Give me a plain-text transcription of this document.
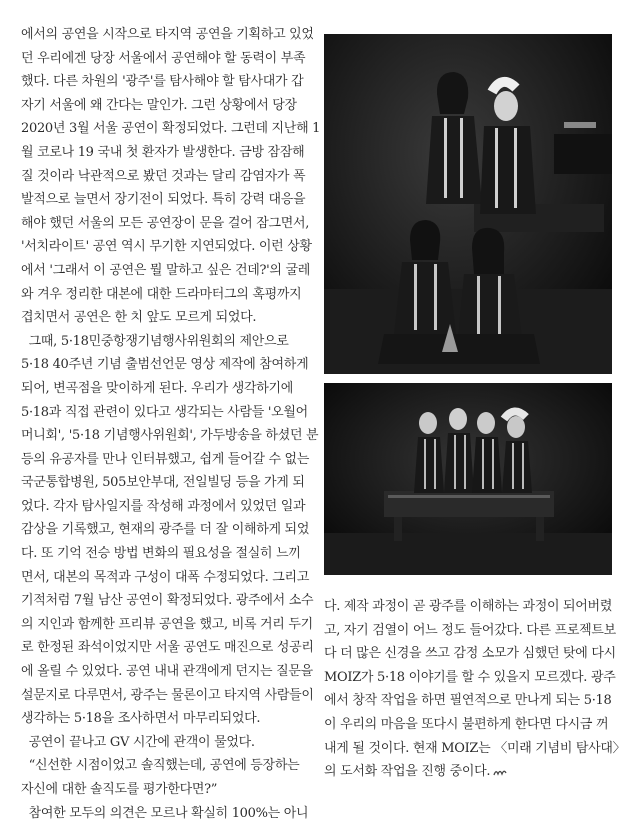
에서의 공연을 시작으로 타지역 공연을 기획하고 있었

던 우리에겐 당장 서울에서 공연해야 할 동력이 부족

했다. 다른 차원의 '광주'를 탐사해야 할 탐사대가 갑

자기 서울에 왜 간다는 말인가. 그런 상황에서 당장

2020년 3월 서울 공연이 확정되었다. 그런데 지난해 1

월 코로나 19 국내 첫 환자가 발생한다. 금방 잠잠해

질 것이라 낙관적으로 봤던 것과는 달리 감염자가 폭

발적으로 늘면서 장기전이 되었다. 특히 강력 대응을

해야 했던 서울의 모든 공연장이 문을 걸어 잠그면서,

'서치라이트' 공연 역시 무기한 지연되었다. 이런 상황

에서 '그래서 이 공연은 뭘 말하고 싶은 건데?'의 굴레

와 겨우 정리한 대본에 대한 드라마터그의 혹평까지

겹치면서 공연은 한 치 앞도 모르게 되었다.

그때, 5·18민중항쟁기념행사위원회의 제안으로

5·18 40주년 기념 출범선언문 영상 제작에 참여하게

되어, 변곡점을 맞이하게 된다. 우리가 생각하기에

5·18과 직접 관련이 있다고 생각되는 사람들 '오월어

머니회', '5·18 기념행사위원회', 가두방송을 하셨던 분

등의 유공자를 만나 인터뷰했고, 쉽게 들어갈 수 없는

국군통합병원, 505보안부대, 전일빌딩 등을 가게 되

었다. 각자 탐사일지를 작성해 과정에서 있었던 일과

감상을 기록했고, 현재의 광주를 더 잘 이해하게 되었

다. 또 기억 전승 방법 변화의 필요성을 절실히 느끼

면서, 대본의 목적과 구성이 대폭 수정되었다. 그리고

기적처럼 7월 남산 공연이 확정되었다. 광주에서 소수

의 지인과 함께한 프리뷰 공연을 했고, 비록 거리 두기

로 한정된 좌석이었지만 서울 공연도 매진으로 성공리

에 올릴 수 있었다. 공연 내내 관객에게 던지는 질문을

설문지로 다루면서, 광주는 물론이고 타지역 사람들이

생각하는 5·18을 조사하면서 마무리되었다.

공연이 끝나고 GV 시간에 관객이 물었다.

“신선한 시점이었고 솔직했는데, 공연에 등장하는

자신에 대한 솔직도를 평가한다면?”

참여한 모두의 의견은 모르나 확실히 100%는 아니

다. 제작 과정이 곧 광주를 이해하는 과정이 되어버렸

고, 자기 검열이 어느 정도 들어갔다. 다른 프로젝트보

다 더 많은 신경을 쓰고 감정 소모가 심했던 탓에 다시

MOIZ가 5·18 이야기를 할 수 있을지 모르겠다. 광주

에서 창작 작업을 하면 필연적으로 만나게 되는 5·18

이 우리의 마음을 또다시 불편하게 한다면 다시금 꺼

내게 될 것이다. 현재 MOIZ는 〈미래 기념비 탐사대〉

의 도서화 작업을 진행 중이다.
